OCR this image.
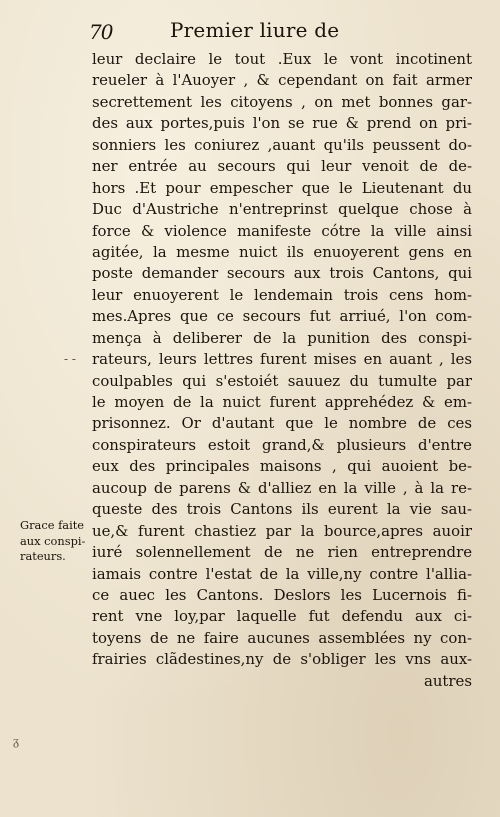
70	Premier liure de
- -
leur declaire le tout .Eux le vont incotinent
reueler à l'Auoyer , & cependant on fait armer
secrettement les citoyens , on met bonnes gar-
des aux portes,puis l'on se rue & prend on pri-
sonniers les coniurez ,auant qu'ils peussent do-
ner entrée au secours qui leur venoit de de-
hors .Et pour empescher que le Lieutenant du
Duc d'Austriche n'entreprinst quelque chose à
force & violence manifeste cótre la ville ainsi
agitée, la mesme nuict ils enuoyerent gens en
poste demander secours aux trois Cantons, qui
leur enuoyerent le lendemain trois cens hom-
mes.Apres que ce secours fut arriué, l'on com-
mença à deliberer de la punition des conspi-
rateurs, leurs lettres furent mises en auant , les
coulpables qui s'estoiét sauuez du tumulte par
le moyen de la nuict furent apprehédez & em-
prisonnez. Or d'autant que le nombre de ces
conspirateurs estoit grand,& plusieurs d'entre
eux des principales maisons , qui auoient be-
aucoup de parens & d'alliez en la ville , à la re-
queste des trois Cantons ils eurent la vie sau-
ue,& furent chastiez par la bource,apres auoir
iuré solennellement de ne rien entreprendre
iamais contre l'estat de la ville,ny contre l'allia-
ce auec les Cantons. Deslors les Lucernois fi-
rent vne loy,par laquelle fut defendu aux ci-
toyens de ne faire aucunes assemblées ny con-
frairies clãdestines,ny de s'obliger les vns aux-
autres
Grace faite
aux conspi-
rateurs.
ᵹ
